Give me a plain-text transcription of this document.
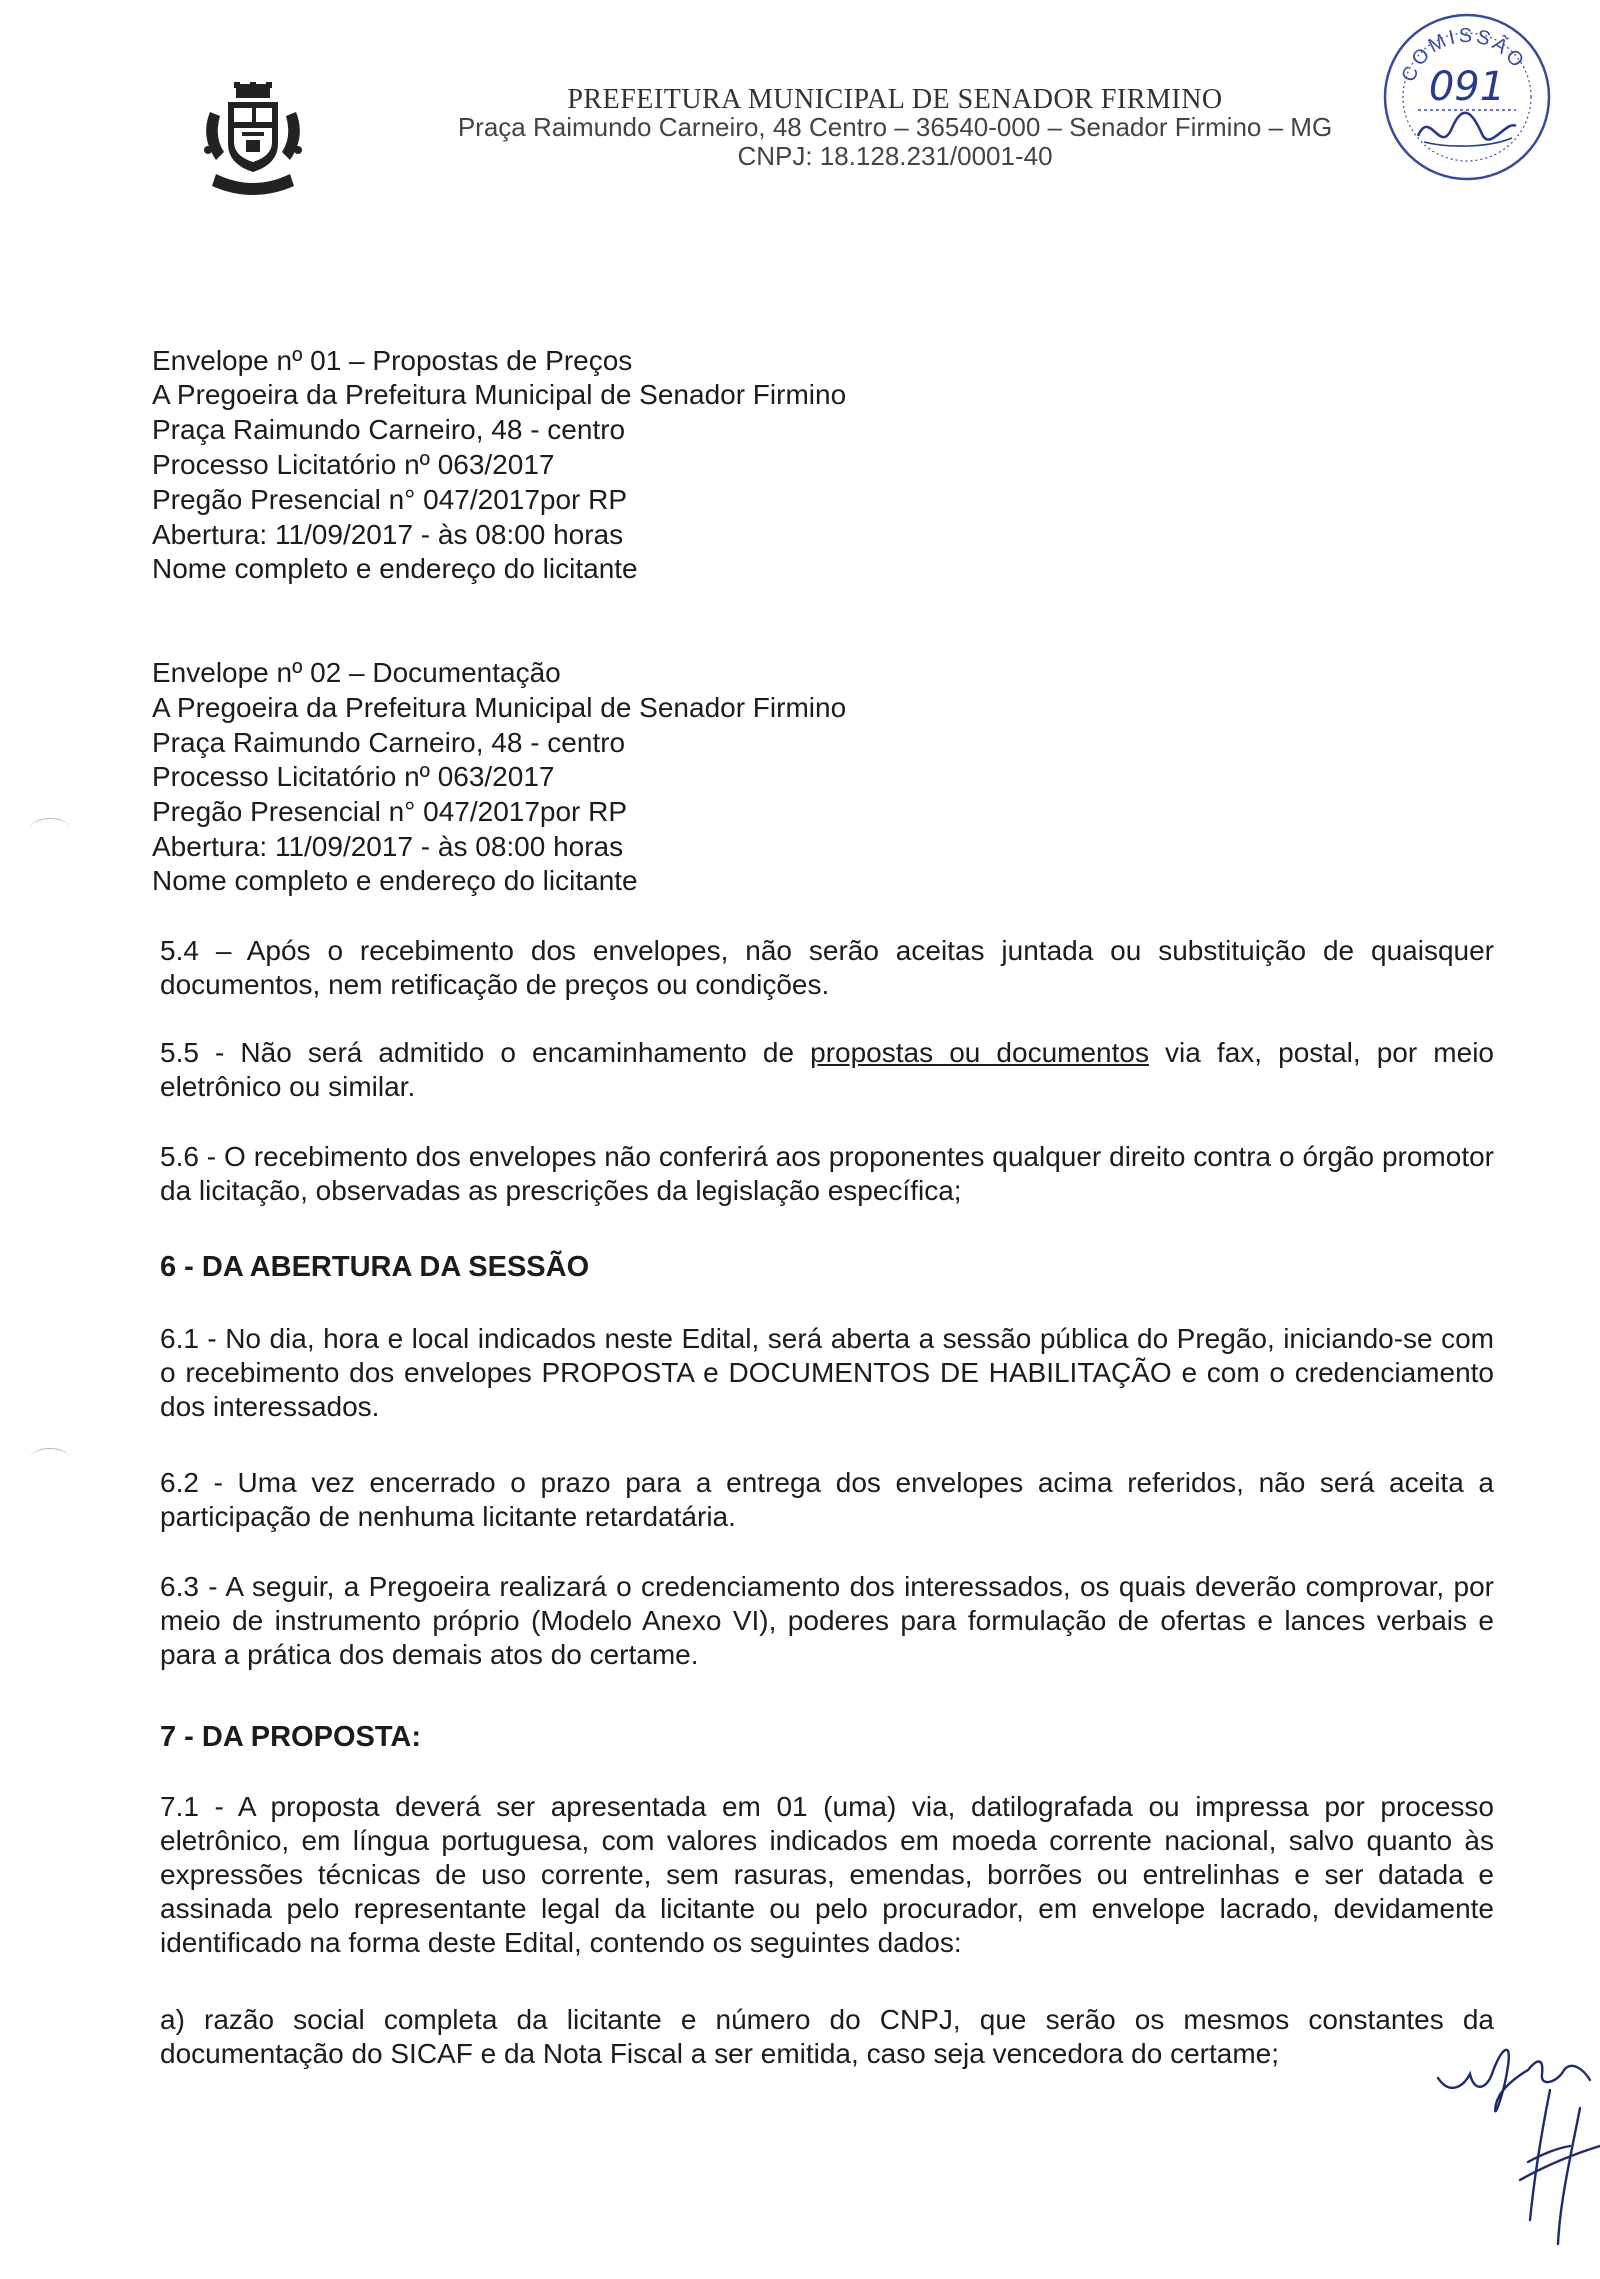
PREFEITURA MUNICIPAL DE SENADOR FIRMINO
Praça Raimundo Carneiro, 48 Centro – 36540-000 – Senador Firmino – MG
CNPJ: 18.128.231/0001-40
COMISSÃO
091
Envelope nº 01 – Propostas de Preços
A Pregoeira da Prefeitura Municipal de Senador Firmino
Praça Raimundo Carneiro, 48 - centro
Processo Licitatório nº 063/2017
Pregão Presencial n° 047/2017por RP
Abertura: 11/09/2017 - às 08:00 horas
Nome completo e endereço do licitante
Envelope nº 02 – Documentação
A Pregoeira da Prefeitura Municipal de Senador Firmino
Praça Raimundo Carneiro, 48 - centro
Processo Licitatório nº 063/2017
Pregão Presencial n° 047/2017por RP
Abertura: 11/09/2017 - às 08:00 horas
Nome completo e endereço do licitante
5.4 – Após o recebimento dos envelopes, não serão aceitas juntada ou substituição de quaisquer documentos, nem retificação de preços ou condições.
5.5 - Não será admitido o encaminhamento de propostas ou documentos via fax, postal, por meio eletrônico ou similar.
5.6 - O recebimento dos envelopes não conferirá aos proponentes qualquer direito contra o órgão promotor da licitação, observadas as prescrições da legislação específica;
6 - DA ABERTURA DA SESSÃO
6.1 - No dia, hora e local indicados neste Edital, será aberta a sessão pública do Pregão, iniciando-se com o recebimento dos envelopes PROPOSTA e DOCUMENTOS DE HABILITAÇÃO e com o credenciamento dos interessados.
6.2 - Uma vez encerrado o prazo para a entrega dos envelopes acima referidos, não será aceita a participação de nenhuma licitante retardatária.
6.3 - A seguir, a Pregoeira realizará o credenciamento dos interessados, os quais deverão comprovar, por meio de instrumento próprio (Modelo Anexo VI), poderes para formulação de ofertas e lances verbais e para a prática dos demais atos do certame.
7 - DA PROPOSTA:
7.1 - A proposta deverá ser apresentada em 01 (uma) via, datilografada ou impressa por processo eletrônico, em língua portuguesa, com valores indicados em moeda corrente nacional, salvo quanto às expressões técnicas de uso corrente, sem rasuras, emendas, borrões ou entrelinhas e ser datada e assinada pelo representante legal da licitante ou pelo procurador, em envelope lacrado, devidamente identificado na forma deste Edital, contendo os seguintes dados:
a) razão social completa da licitante e número do CNPJ, que serão os mesmos constantes da documentação do SICAF e da Nota Fiscal a ser emitida, caso seja vencedora do certame;
